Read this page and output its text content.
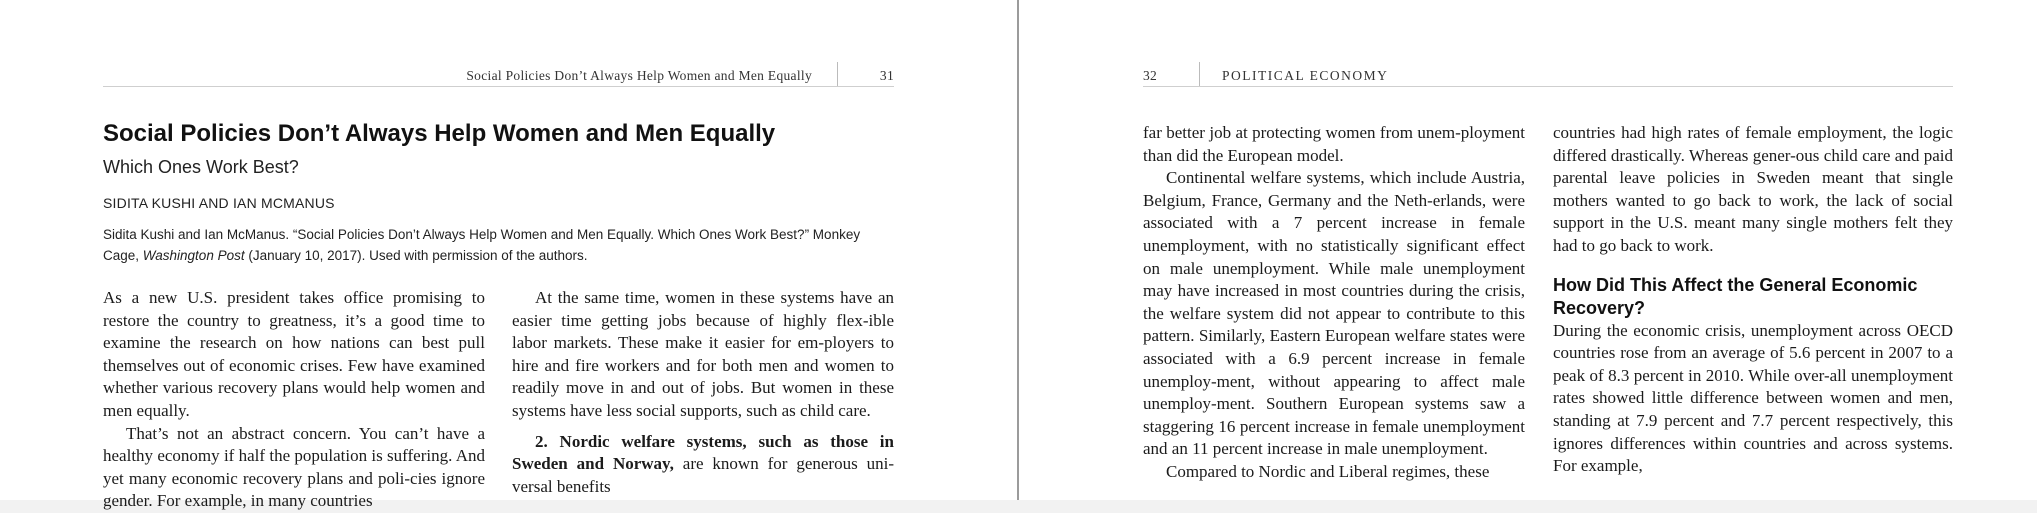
Social Policies Don’t Always Help Women and Men Equally	31
Social Policies Don’t Always Help Women and Men Equally
Which Ones Work Best?
SIDITA KUSHI AND IAN MCMANUS
Sidita Kushi and Ian McManus. “Social Policies Don’t Always Help Women and Men Equally. Which Ones Work Best?” Monkey Cage, Washington Post (January 10, 2017). Used with permission of the authors.

As a new U.S. president takes office promising to restore the country to greatness, it’s a good time to examine the research on how nations can best pull themselves out of economic crises. Few have examined whether various recovery plans would help women and men equally.

That’s not an abstract concern. You can’t have a healthy economy if half the population is suffering. And yet many economic recovery plans and poli-cies ignore gender. For example, in many countries

At the same time, women in these systems have an easier time getting jobs because of highly flex-ible labor markets. These make it easier for em-ployers to hire and fire workers and for both men and women to readily move in and out of jobs. But women in these systems have less social supports, such as child care.

2. Nordic welfare systems, such as those in Sweden and Norway, are known for generous uni-versal benefits

32	POLITICAL ECONOMY

far better job at protecting women from unem-ployment than did the European model.

Continental welfare systems, which include Austria, Belgium, France, Germany and the Neth-erlands, were associated with a 7 percent increase in female unemployment, with no statistically significant effect on male unemployment. While male unemployment may have increased in most countries during the crisis, the welfare system did not appear to contribute to this pattern. Similarly, Eastern European welfare states were associated with a 6.9 percent increase in female unemploy-ment, without appearing to affect male unemploy-ment. Southern European systems saw a staggering 16 percent increase in female unemployment and an 11 percent increase in male unemployment.

Compared to Nordic and Liberal regimes, these

countries had high rates of female employment, the logic differed drastically. Whereas gener-ous child care and paid parental leave policies in Sweden meant that single mothers wanted to go back to work, the lack of social support in the U.S. meant many single mothers felt they had to go back to work.

How Did This Affect the General Economic Recovery?

During the economic crisis, unemployment across OECD countries rose from an average of 5.6 percent in 2007 to a peak of 8.3 percent in 2010. While over-all unemployment rates showed little difference between women and men, standing at 7.9 percent and 7.7 percent respectively, this ignores differences within countries and across systems. For example,
